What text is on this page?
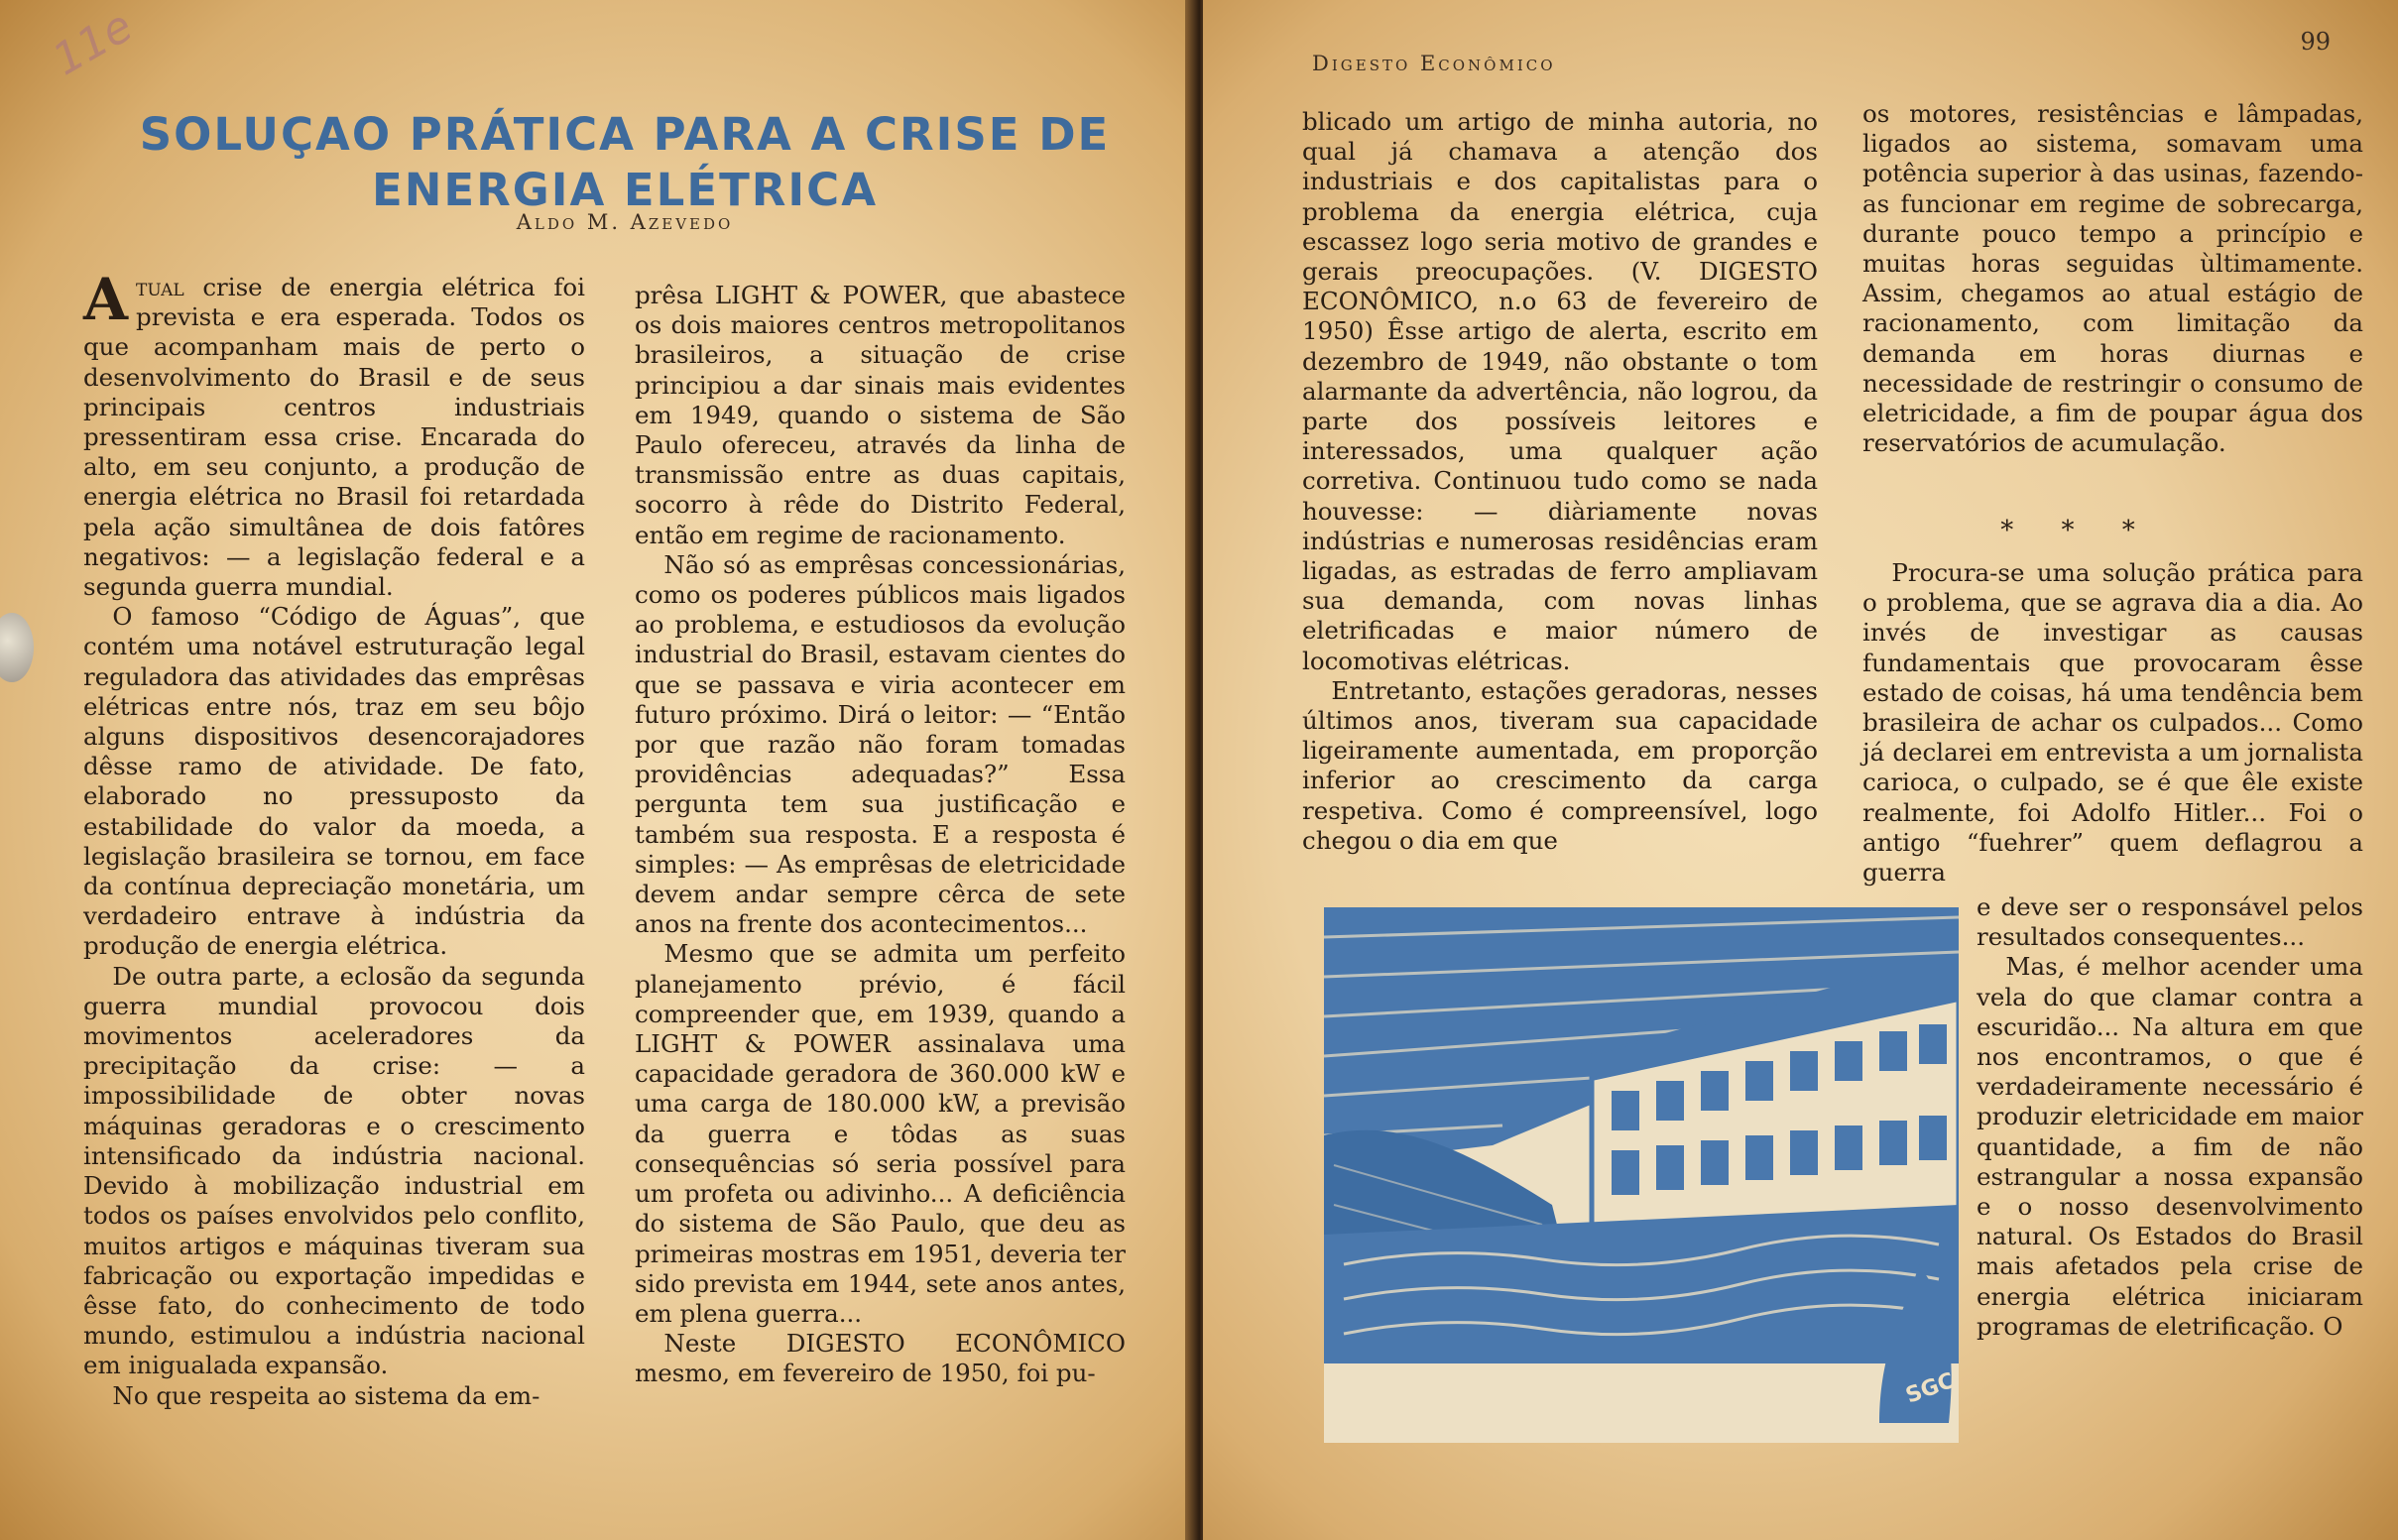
11e
SOLUÇAO PRÁTICA PARA A CRISE DE ENERGIA ELÉTRICA

Aldo M. Azevedo

Atual crise de energia elétrica foi prevista e era esperada. Todos os que acompanham mais de perto o desenvolvimento do Brasil e de seus principais centros industriais pressentiram essa crise. Encarada do alto, em seu conjunto, a produção de energia elétrica no Brasil foi retardada pela ação simultânea de dois fatôres negativos: — a legislação federal e a segunda guerra mundial.

O famoso “Código de Águas”, que contém uma notável estruturação legal reguladora das atividades das emprêsas elétricas entre nós, traz em seu bôjo alguns dispositivos desencorajadores dêsse ramo de atividade. De fato, elaborado no pressuposto da estabilidade do valor da moeda, a legislação brasileira se tornou, em face da contínua depreciação monetária, um verdadeiro entrave à indústria da produção de energia elétrica.

De outra parte, a eclosão da segunda guerra mundial provocou dois movimentos aceleradores da precipitação da crise: — a impossibilidade de obter novas máquinas geradoras e o crescimento intensificado da indústria nacional. Devido à mobilização industrial em todos os países envolvidos pelo conflito, muitos artigos e máquinas tiveram sua fabricação ou exportação impedidas e êsse fato, do conhecimento de todo mundo, estimulou a indústria nacional em inigualada expansão.

No que respeita ao sistema da em-

prêsa LIGHT & POWER, que abastece os dois maiores centros metropolitanos brasileiros, a situação de crise principiou a dar sinais mais evidentes em 1949, quando o sistema de São Paulo ofereceu, através da linha de transmissão entre as duas capitais, socorro à rêde do Distrito Federal, então em regime de racionamento.

Não só as emprêsas concessionárias, como os poderes públicos mais ligados ao problema, e estudiosos da evolução industrial do Brasil, estavam cientes do que se passava e viria acontecer em futuro próximo. Dirá o leitor: — “Então por que razão não foram tomadas providências adequadas?” Essa pergunta tem sua justificação e também sua resposta. E a resposta é simples: — As emprêsas de eletricidade devem andar sempre cêrca de sete anos na frente dos acontecimentos...

Mesmo que se admita um perfeito planejamento prévio, é fácil compreender que, em 1939, quando a LIGHT & POWER assinalava uma capacidade geradora de 360.000 kW e uma carga de 180.000 kW, a previsão da guerra e tôdas as suas consequências só seria possível para um profeta ou adivinho... A deficiência do sistema de São Paulo, que deu as primeiras mostras em 1951, deveria ter sido prevista em 1944, sete anos antes, em plena guerra...

Neste DIGESTO ECONÔMICO mesmo, em fevereiro de 1950, foi pu-

Digesto Econômico
99

blicado um artigo de minha autoria, no qual já chamava a atenção dos industriais e dos capitalistas para o problema da energia elétrica, cuja escassez logo seria motivo de grandes e gerais preocupações. (V. DIGESTO ECONÔMICO, n.o 63 de fevereiro de 1950) Êsse artigo de alerta, escrito em dezembro de 1949, não obstante o tom alarmante da advertência, não logrou, da parte dos possíveis leitores e interessados, uma qualquer ação corretiva. Continuou tudo como se nada houvesse: — diàriamente novas indústrias e numerosas residências eram ligadas, as estradas de ferro ampliavam sua demanda, com novas linhas eletrificadas e maior número de locomotivas elétricas.

Entretanto, estações geradoras, nesses últimos anos, tiveram sua capacidade ligeiramente aumentada, em proporção inferior ao crescimento da carga respetiva. Como é compreensível, logo chegou o dia em que

os motores, resistências e lâmpadas, ligados ao sistema, somavam uma potência superior à das usinas, fazendo-as funcionar em regime de sobrecarga, durante pouco tempo a princípio e muitas horas seguidas ùltimamente. Assim, chegamos ao atual estágio de racionamento, com limitação da demanda em horas diurnas e necessidade de restringir o consumo de eletricidade, a fim de poupar água dos reservatórios de acumulação.

Procura-se uma solução prática para o problema, que se agrava dia a dia. Ao invés de investigar as causas fundamentais que provocaram êsse estado de coisas, há uma tendência bem brasileira de achar os culpados... Como já declarei em entrevista a um jornalista carioca, o culpado, se é que êle existe realmente, foi Adolfo Hitler... Foi o antigo “fuehrer” quem deflagrou a guerra

e deve ser o responsável pelos resultados consequentes...

Mas, é melhor acender uma vela do que clamar contra a escuridão... Na altura em que nos encontramos, o que é verdadeiramente necessário é produzir eletricidade em maior quantidade, a fim de não estrangular a nossa expansão e o nosso desenvolvimento natural. Os Estados do Brasil mais afetados pela crise de energia elétrica iniciaram programas de eletrificação. O

* * *
SGC
